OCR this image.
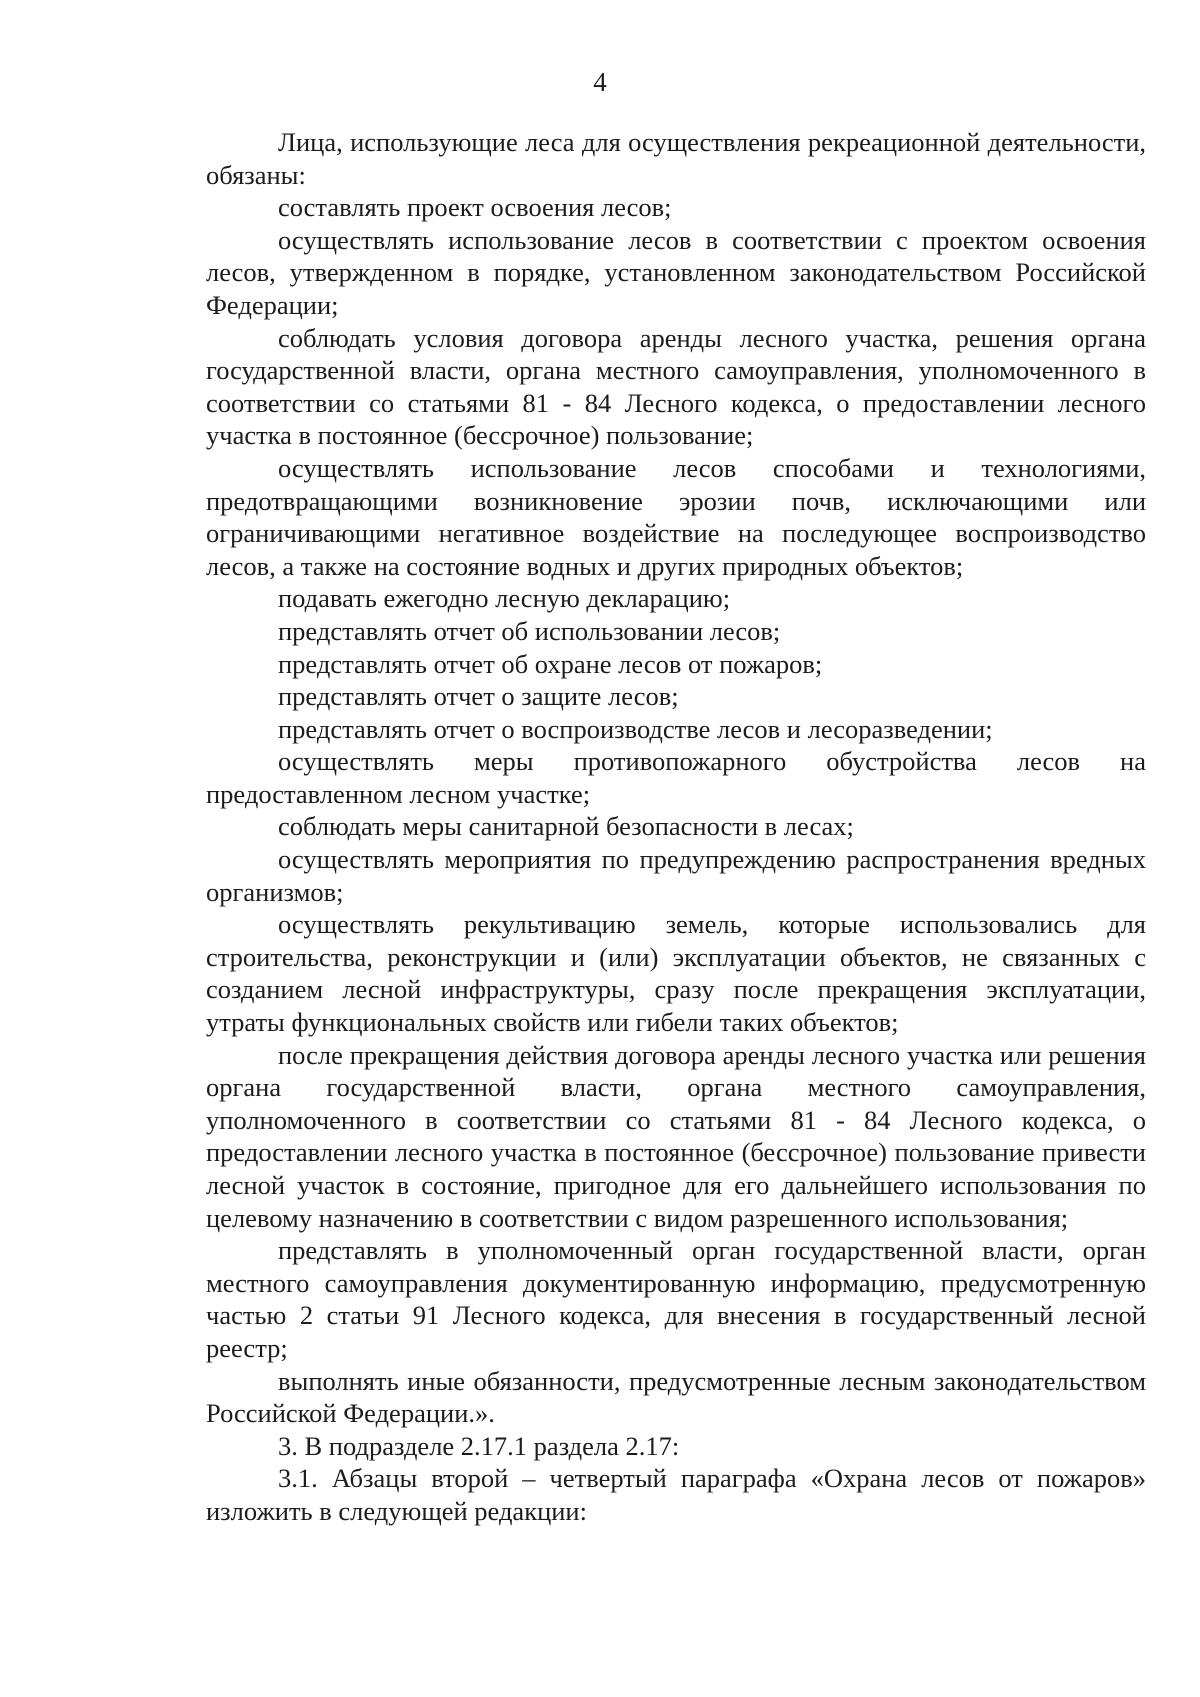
4

Лица, использующие леса для осуществления рекреационной деятельности, обязаны:

составлять проект освоения лесов;

осуществлять использование лесов в соответствии с проектом освоения лесов, утвержденном в порядке, установленном законодательством Российской Федерации;

соблюдать условия договора аренды лесного участка, решения органа государственной власти, органа местного самоуправления, уполномоченного в соответствии со статьями 81 - 84 Лесного кодекса, о предоставлении лесного участка в постоянное (бессрочное) пользование;

осуществлять использование лесов способами и технологиями, предотвращающими возникновение эрозии почв, исключающими или ограничивающими негативное воздействие на последующее воспроизводство лесов, а также на состояние водных и других природных объектов;

подавать ежегодно лесную декларацию;

представлять отчет об использовании лесов;

представлять отчет об охране лесов от пожаров;

представлять отчет о защите лесов;

представлять отчет о воспроизводстве лесов и лесоразведении;

осуществлять меры противопожарного обустройства лесов на предоставленном лесном участке;

соблюдать меры санитарной безопасности в лесах;

осуществлять мероприятия по предупреждению распространения вредных организмов;

осуществлять рекультивацию земель, которые использовались для строительства, реконструкции и (или) эксплуатации объектов, не связанных с созданием лесной инфраструктуры, сразу после прекращения эксплуатации, утраты функциональных свойств или гибели таких объектов;

после прекращения действия договора аренды лесного участка или решения органа государственной власти, органа местного самоуправления, уполномоченного в соответствии со статьями 81 - 84 Лесного кодекса, о предоставлении лесного участка в постоянное (бессрочное) пользование привести лесной участок в состояние, пригодное для его дальнейшего использования по целевому назначению в соответствии с видом разрешенного использования;

представлять в уполномоченный орган государственной власти, орган местного самоуправления документированную информацию, предусмотренную частью 2 статьи 91 Лесного кодекса, для внесения в государственный лесной реестр;

выполнять иные обязанности, предусмотренные лесным законодательством Российской Федерации.».

3. В подразделе 2.17.1 раздела 2.17:

3.1. Абзацы второй – четвертый параграфа «Охрана лесов от пожаров» изложить в следующей редакции:
